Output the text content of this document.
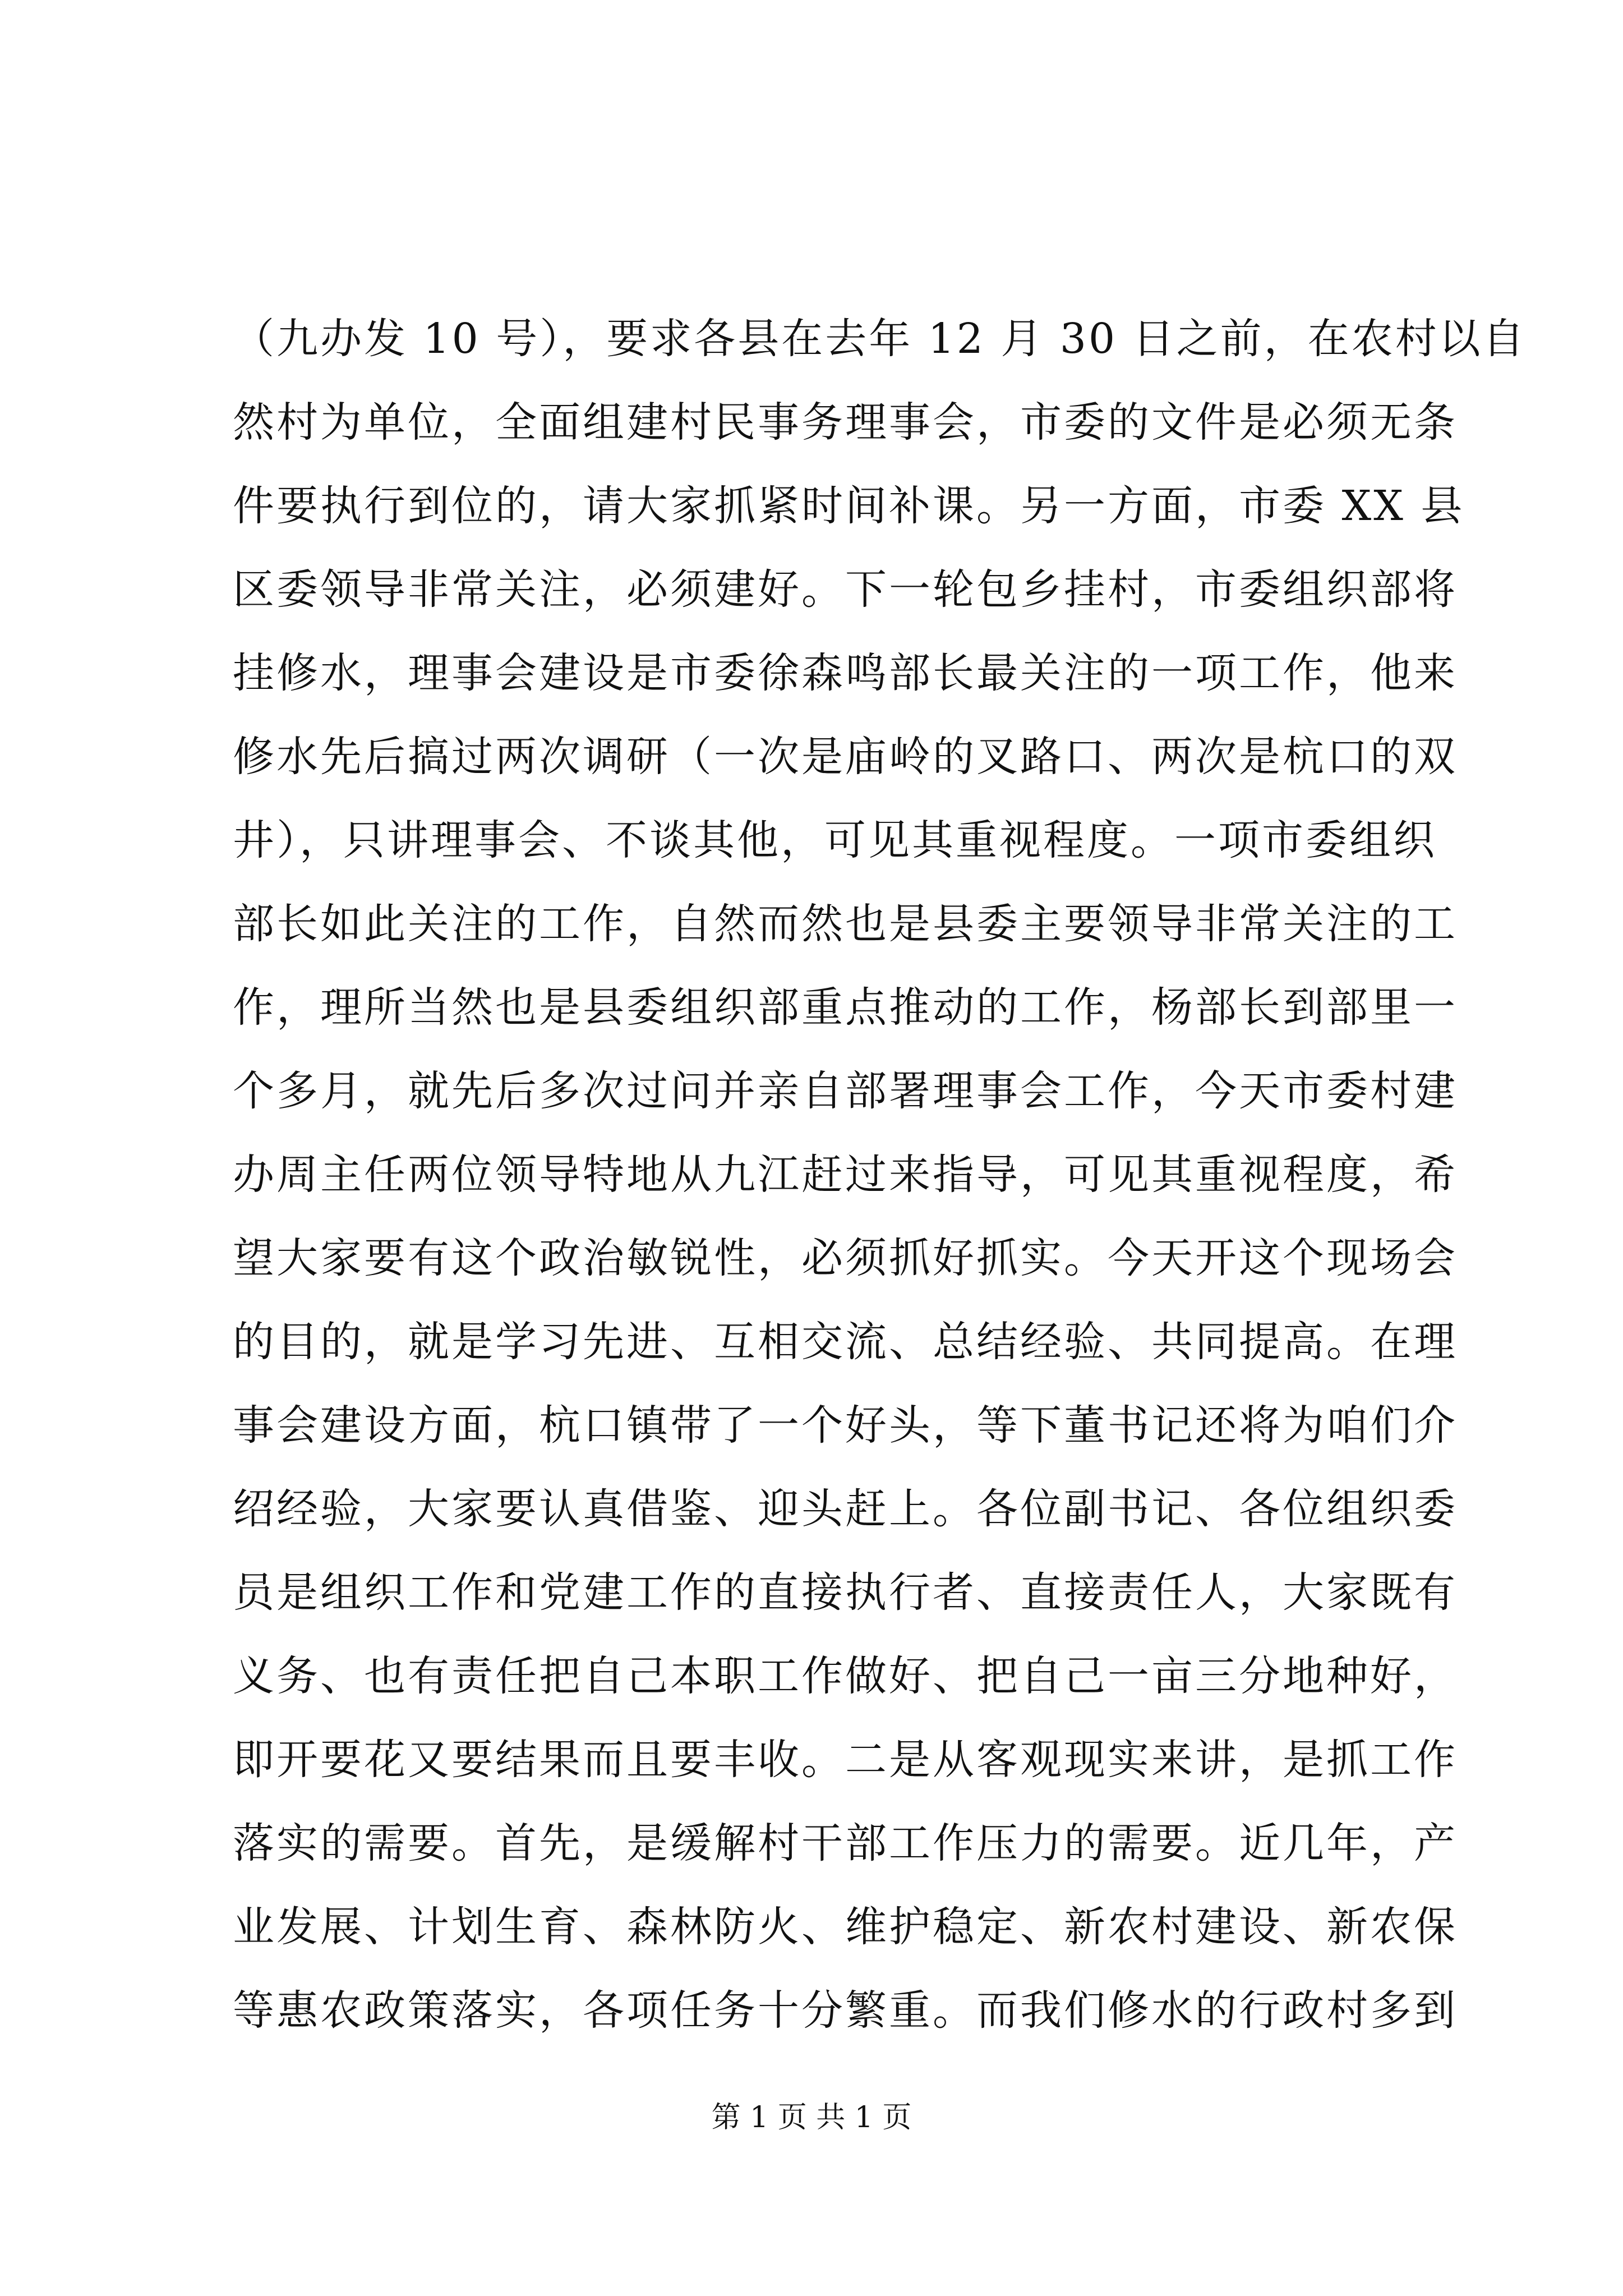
（九办发 10 号），要求各县在去年 12 月 30 日之前，在农村以自
然村为单位，全面组建村民事务理事会，市委的文件是必须无条
件要执行到位的，请大家抓紧时间补课。另一方面，市委 XX 县
区委领导非常关注，必须建好。下一轮包乡挂村，市委组织部将
挂修水，理事会建设是市委徐森鸣部长最关注的一项工作，他来
修水先后搞过两次调研（一次是庙岭的叉路口、两次是杭口的双
井），只讲理事会、不谈其他，可见其重视程度。一项市委组织
部长如此关注的工作，自然而然也是县委主要领导非常关注的工
作，理所当然也是县委组织部重点推动的工作，杨部长到部里一
个多月，就先后多次过问并亲自部署理事会工作，今天市委村建
办周主任两位领导特地从九江赶过来指导，可见其重视程度，希
望大家要有这个政治敏锐性，必须抓好抓实。今天开这个现场会
的目的，就是学习先进、互相交流、总结经验、共同提高。在理
事会建设方面，杭口镇带了一个好头，等下董书记还将为咱们介
绍经验，大家要认真借鉴、迎头赶上。各位副书记、各位组织委
员是组织工作和党建工作的直接执行者、直接责任人，大家既有
义务、也有责任把自己本职工作做好、把自己一亩三分地种好，
即开要花又要结果而且要丰收。二是从客观现实来讲，是抓工作
落实的需要。首先，是缓解村干部工作压力的需要。近几年，产
业发展、计划生育、森林防火、维护稳定、新农村建设、新农保
等惠农政策落实，各项任务十分繁重。而我们修水的行政村多到
第 1 页 共 1 页
